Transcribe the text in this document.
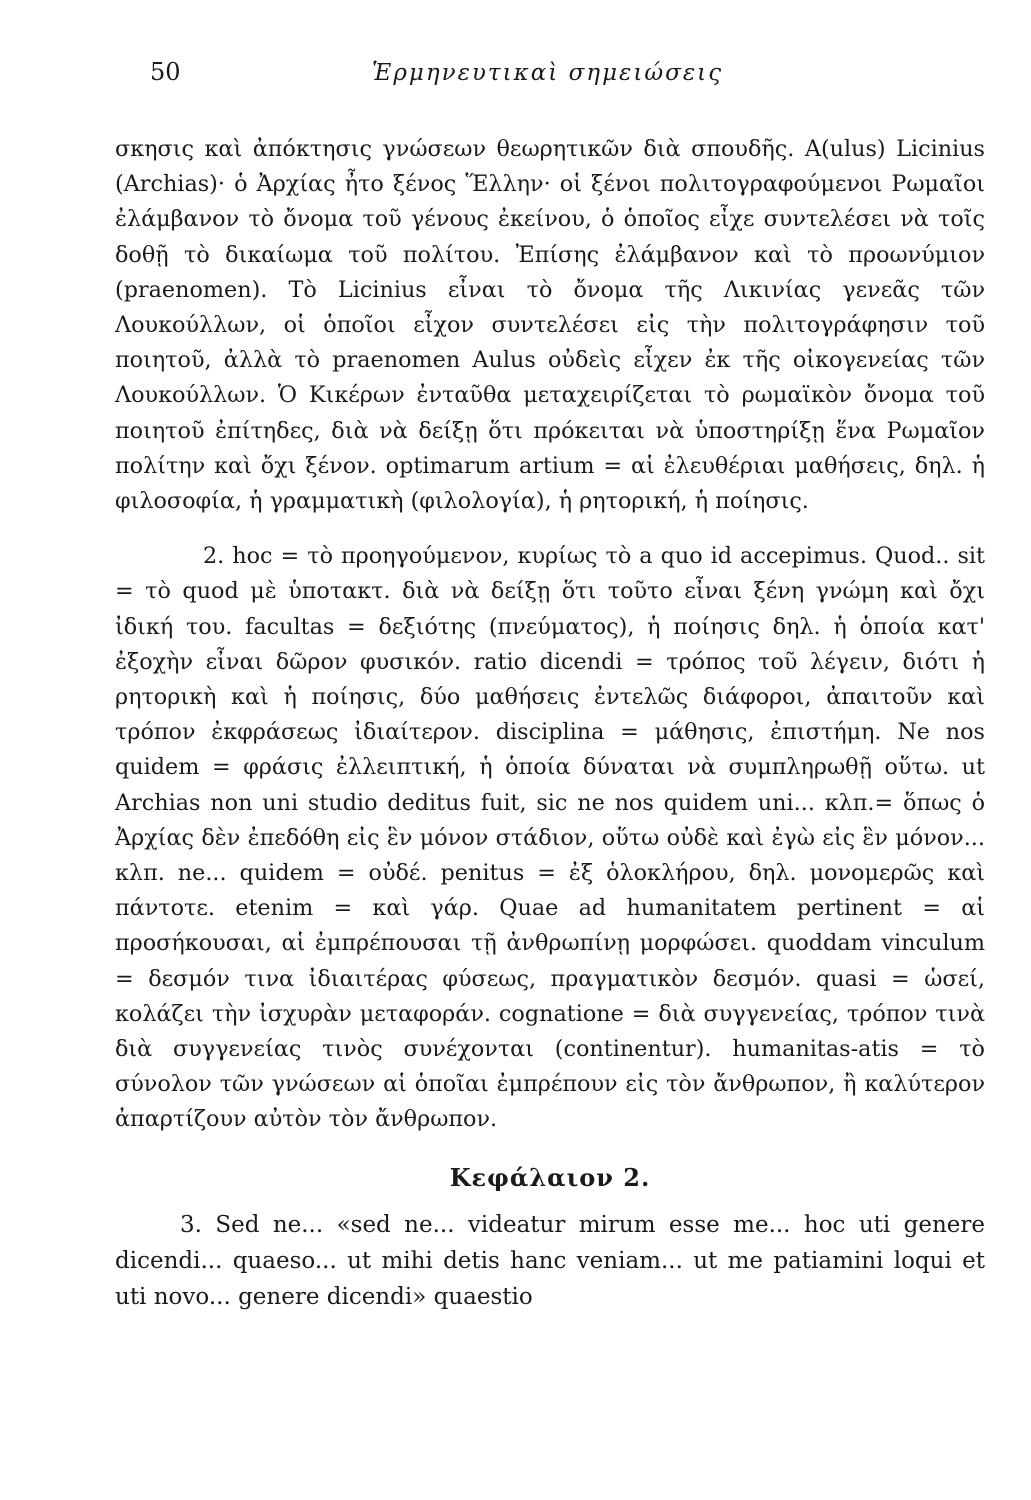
50	Ἑρμηνευτικαὶ σημειώσεις

σκησις καὶ ἀπόκτησις γνώσεων θεωρητικῶν διὰ σπουδῆς. A(ulus) Licinius (Archias)· ὁ Ἀρχίας ἦτο ξένος Ἕλλην· οἱ ξένοι πολιτογραφούμενοι Ρωμαῖοι ἐλάμβανον τὸ ὄνομα τοῦ γένους ἐκείνου, ὁ ὁποῖος εἶχε συντελέσει νὰ τοῖς δοθῇ τὸ δικαίωμα τοῦ πολίτου. Ἐπίσης ἐλάμβανον καὶ τὸ προωνύμιον (praenomen). Τὸ Licinius εἶναι τὸ ὄνομα τῆς Λικινίας γενεᾶς τῶν Λουκούλλων, οἱ ὁποῖοι εἶχον συντελέσει εἰς τὴν πολιτογράφησιν τοῦ ποιητοῦ, ἀλλὰ τὸ praenomen Aulus οὐδεὶς εἶχεν ἐκ τῆς οἰκογενείας τῶν Λουκούλλων. Ὁ Κικέρων ἐνταῦθα μεταχειρίζεται τὸ ρωμαϊκὸν ὄνομα τοῦ ποιητοῦ ἐπίτηδες, διὰ νὰ δείξῃ ὅτι πρόκειται νὰ ὑποστηρίξῃ ἕνα Ρωμαῖον πολίτην καὶ ὄχι ξένον. optimarum artium = αἱ ἐλευθέριαι μαθήσεις, δηλ. ἡ φιλοσοφία, ἡ γραμματικὴ (φιλολογία), ἡ ρητορική, ἡ ποίησις.

2. hoc = τὸ προηγούμενον, κυρίως τὸ a quo id accepimus. Quod.. sit = τὸ quod μὲ ὑποτακτ. διὰ νὰ δείξῃ ὅτι τοῦτο εἶναι ξένη γνώμη καὶ ὄχι ἰδική του. facultas = δεξιότης (πνεύματος), ἡ ποίησις δηλ. ἡ ὁποία κατ' ἐξοχὴν εἶναι δῶρον φυσικόν. ratio dicendi = τρόπος τοῦ λέγειν, διότι ἡ ρητορικὴ καὶ ἡ ποίησις, δύο μαθήσεις ἐντελῶς διάφοροι, ἀπαιτοῦν καὶ τρόπον ἐκφράσεως ἰδιαίτερον. disciplina = μάθησις, ἐπιστήμη. Ne nos quidem = φράσις ἐλλειπτική, ἡ ὁποία δύναται νὰ συμπληρωθῇ οὕτω. ut Archias non uni studio deditus fuit, sic ne nos quidem uni... κλπ.= ὅπως ὁ Ἀρχίας δὲν ἐπεδόθη εἰς ἓν μόνον στάδιον, οὕτω οὐδὲ καὶ ἐγὼ εἰς ἓν μόνον... κλπ. ne... quidem = οὐδέ. penitus = ἐξ ὁλοκλήρου, δηλ. μονομερῶς καὶ πάντοτε. etenim = καὶ γάρ. Quae ad humanitatem pertinent = αἱ προσήκουσαι, αἱ ἐμπρέπουσαι τῇ ἀνθρωπίνῃ μορφώσει. quoddam vinculum = δεσμόν τινα ἰδιαιτέρας φύσεως, πραγματικὸν δεσμόν. quasi = ὡσεί, κολάζει τὴν ἰσχυρὰν μεταφοράν. cognatione = διὰ συγγενείας, τρόπον τινὰ διὰ συγγενείας τινὸς συνέχονται (continentur). humanitas-atis = τὸ σύνολον τῶν γνώσεων αἱ ὁποῖαι ἐμπρέπουν εἰς τὸν ἄνθρωπον, ἢ καλύτερον ἀπαρτίζουν αὐτὸν τὸν ἄνθρωπον.

Κεφάλαιον 2.

3. Sed ne... «sed ne... videatur mirum esse me... hoc uti genere dicendi... quaeso... ut mihi detis hanc veniam... ut me patiamini loqui et uti novo... genere dicendi» quaestio
